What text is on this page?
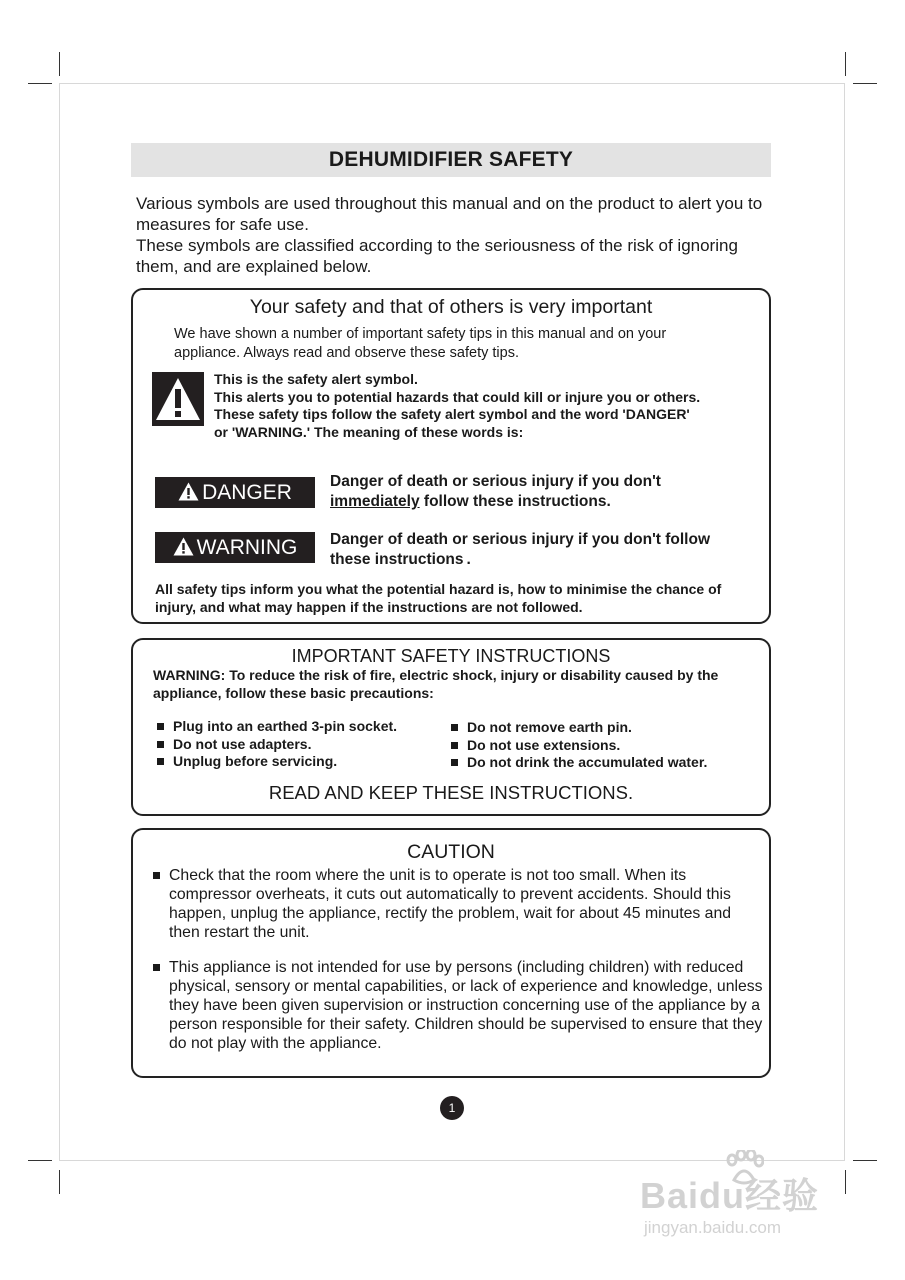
DEHUMIDIFIER SAFETY

Various symbols are used throughout this manual and on the product to alert you to measures for safe use.

These symbols are classified according to the seriousness of the risk of ignoring them, and are explained below.

Your safety and that of others is very important
We have shown a number of important safety tips in this manual and on your appliance. Always read and observe these safety tips.
This is the safety alert symbol.
This alerts you to potential hazards that could kill or injure you or others.
These safety tips follow the safety alert symbol and the word 'DANGER'
or 'WARNING.' The meaning of these words is:
DANGER	Danger of death or serious injury if you don't
immediately follow these instructions.
WARNING	Danger of death or serious injury if you don't follow
these instructions .
All safety tips inform you what the potential hazard is, how to minimise the chance of injury, and what may happen if the instructions are not followed.
IMPORTANT SAFETY INSTRUCTIONS
WARNING: To reduce the risk of fire, electric shock, injury or disability caused by the
appliance, follow these basic precautions:
Plug into an earthed 3-pin socket.
Do not use adapters.
Unplug before servicing.
Do not remove earth pin.
Do not use extensions.
Do not drink the accumulated water.
READ AND KEEP THESE INSTRUCTIONS.
CAUTION
Check that the room where the unit is to operate is not too small. When its compressor overheats, it cuts out automatically to prevent accidents. Should this happen, unplug the appliance, rectify the problem, wait for about 45 minutes and then restart the unit.
This appliance is not intended for use by persons (including children) with reduced physical, sensory or mental capabilities, or lack of experience and knowledge, unless they have been given supervision or instruction concerning use of the appliance by a person responsible for their safety. Children should be supervised to ensure that they do not play with the appliance.
1
Baidu经验
jingyan.baidu.com
